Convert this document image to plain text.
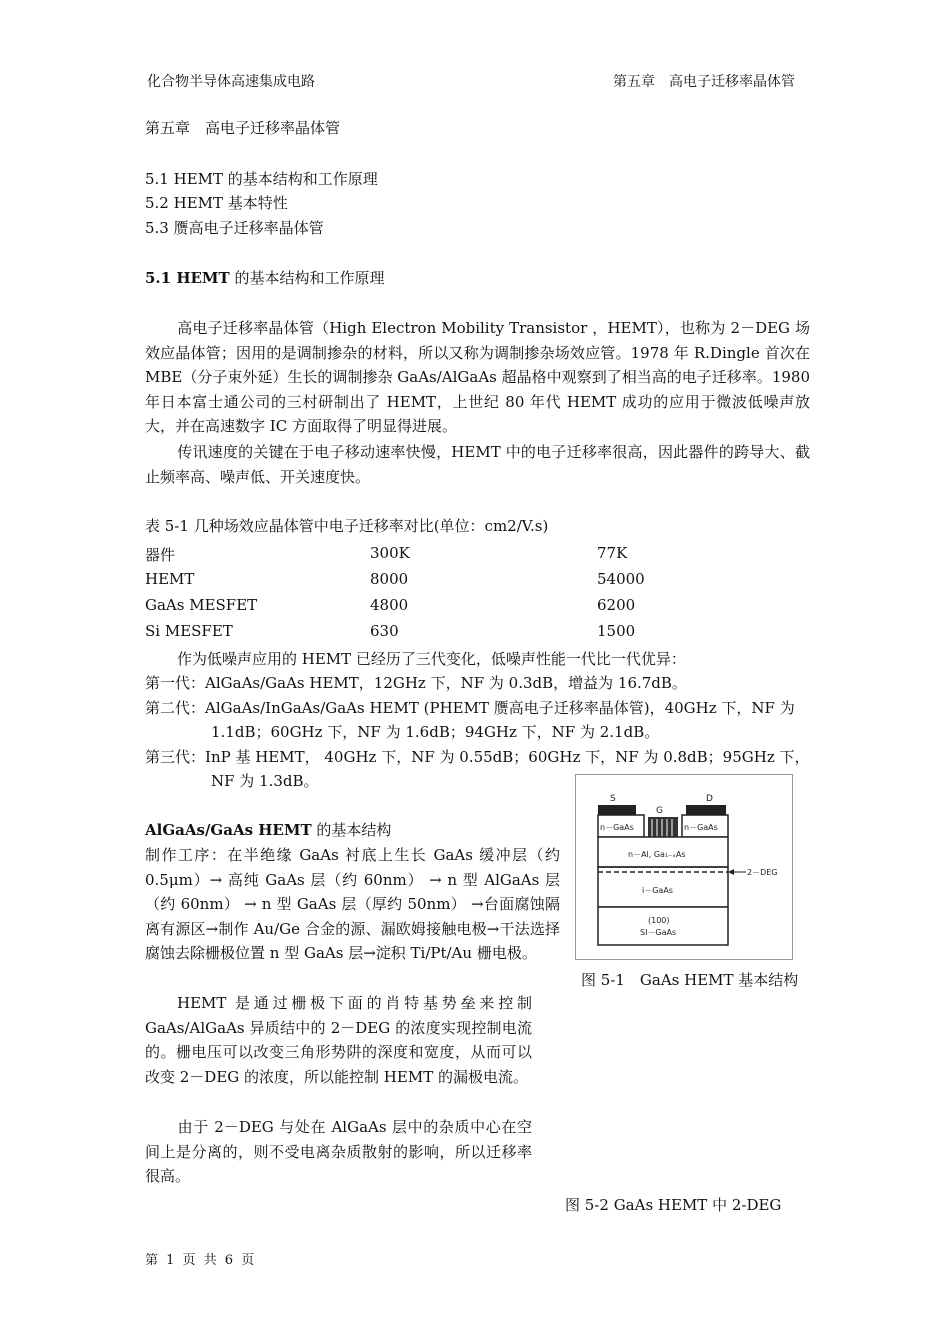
化合物半导体高速集成电路	第五章　高电子迁移率晶体管
第五章　高电子迁移率晶体管
5.1 HEMT 的基本结构和工作原理
5.2 HEMT 基本特性
5.3 赝高电子迁移率晶体管
5.1 HEMT 的基本结构和工作原理
高电子迁移率晶体管（High Electron Mobility Transistor ，HEMT），也称为 2－DEG 场效应晶体管；因用的是调制掺杂的材料，所以又称为调制掺杂场效应管。1978 年 R.Dingle 首次在 MBE（分子束外延）生长的调制掺杂 GaAs/AlGaAs 超晶格中观察到了相当高的电子迁移率。1980 年日本富士通公司的三村研制出了 HEMT，上世纪 80 年代 HEMT 成功的应用于微波低噪声放大，并在高速数字 IC 方面取得了明显得进展。
传讯速度的关键在于电子移动速率快慢，HEMT 中的电子迁移率很高，因此器件的跨导大、截止频率高、噪声低、开关速度快。
表 5-1 几种场效应晶体管中电子迁移率对比(单位：cm2/V.s)
器件	300K	77K
HEMT	8000	54000
GaAs MESFET	4800	6200
Si MESFET	630	1500
作为低噪声应用的 HEMT 已经历了三代变化，低噪声性能一代比一代优异：
第一代：AlGaAs/GaAs HEMT，12GHz 下，NF 为 0.3dB，增益为 16.7dB。
第二代：AlGaAs/InGaAs/GaAs HEMT (PHEMT 赝高电子迁移率晶体管)，40GHz 下，NF 为
1.1dB；60GHz 下，NF 为 1.6dB；94GHz 下，NF 为 2.1dB。
第三代：InP 基 HEMT， 40GHz 下，NF 为 0.55dB；60GHz 下，NF 为 0.8dB；95GHz 下，
NF 为 1.3dB。
AlGaAs/GaAs HEMT 的基本结构
制作工序：在半绝缘 GaAs 衬底上生长 GaAs 缓冲层（约 0.5μm）→ 高纯 GaAs 层（约 60nm） → n 型 AlGaAs 层（约 60nm） → n 型 GaAs 层（厚约 50nm） →台面腐蚀隔离有源区→制作 Au/Ge 合金的源、漏欧姆接触电极→干法选择腐蚀去除栅极位置 n 型 GaAs 层→淀积 Ti/Pt/Au 栅电极。
HEMT 是通过栅极下面的肖特基势垒来控制 GaAs/AlGaAs 异质结中的 2－DEG 的浓度实现控制电流的。栅电压可以改变三角形势阱的深度和宽度，从而可以改变 2－DEG 的浓度，所以能控制 HEMT 的漏极电流。
由于 2－DEG 与处在 AlGaAs 层中的杂质中心在空间上是分离的，则不受电离杂质散射的影响，所以迁移率很高。
S
G
D
n－GaAs	n－GaAs
n－Al, Ga₁₋ₓAs
2－DEG
i－GaAs
(100)
SI－GaAs
图 5-1　GaAs HEMT 基本结构
图 5-2 GaAs HEMT 中 2-DEG
第 1 页 共 6 页
